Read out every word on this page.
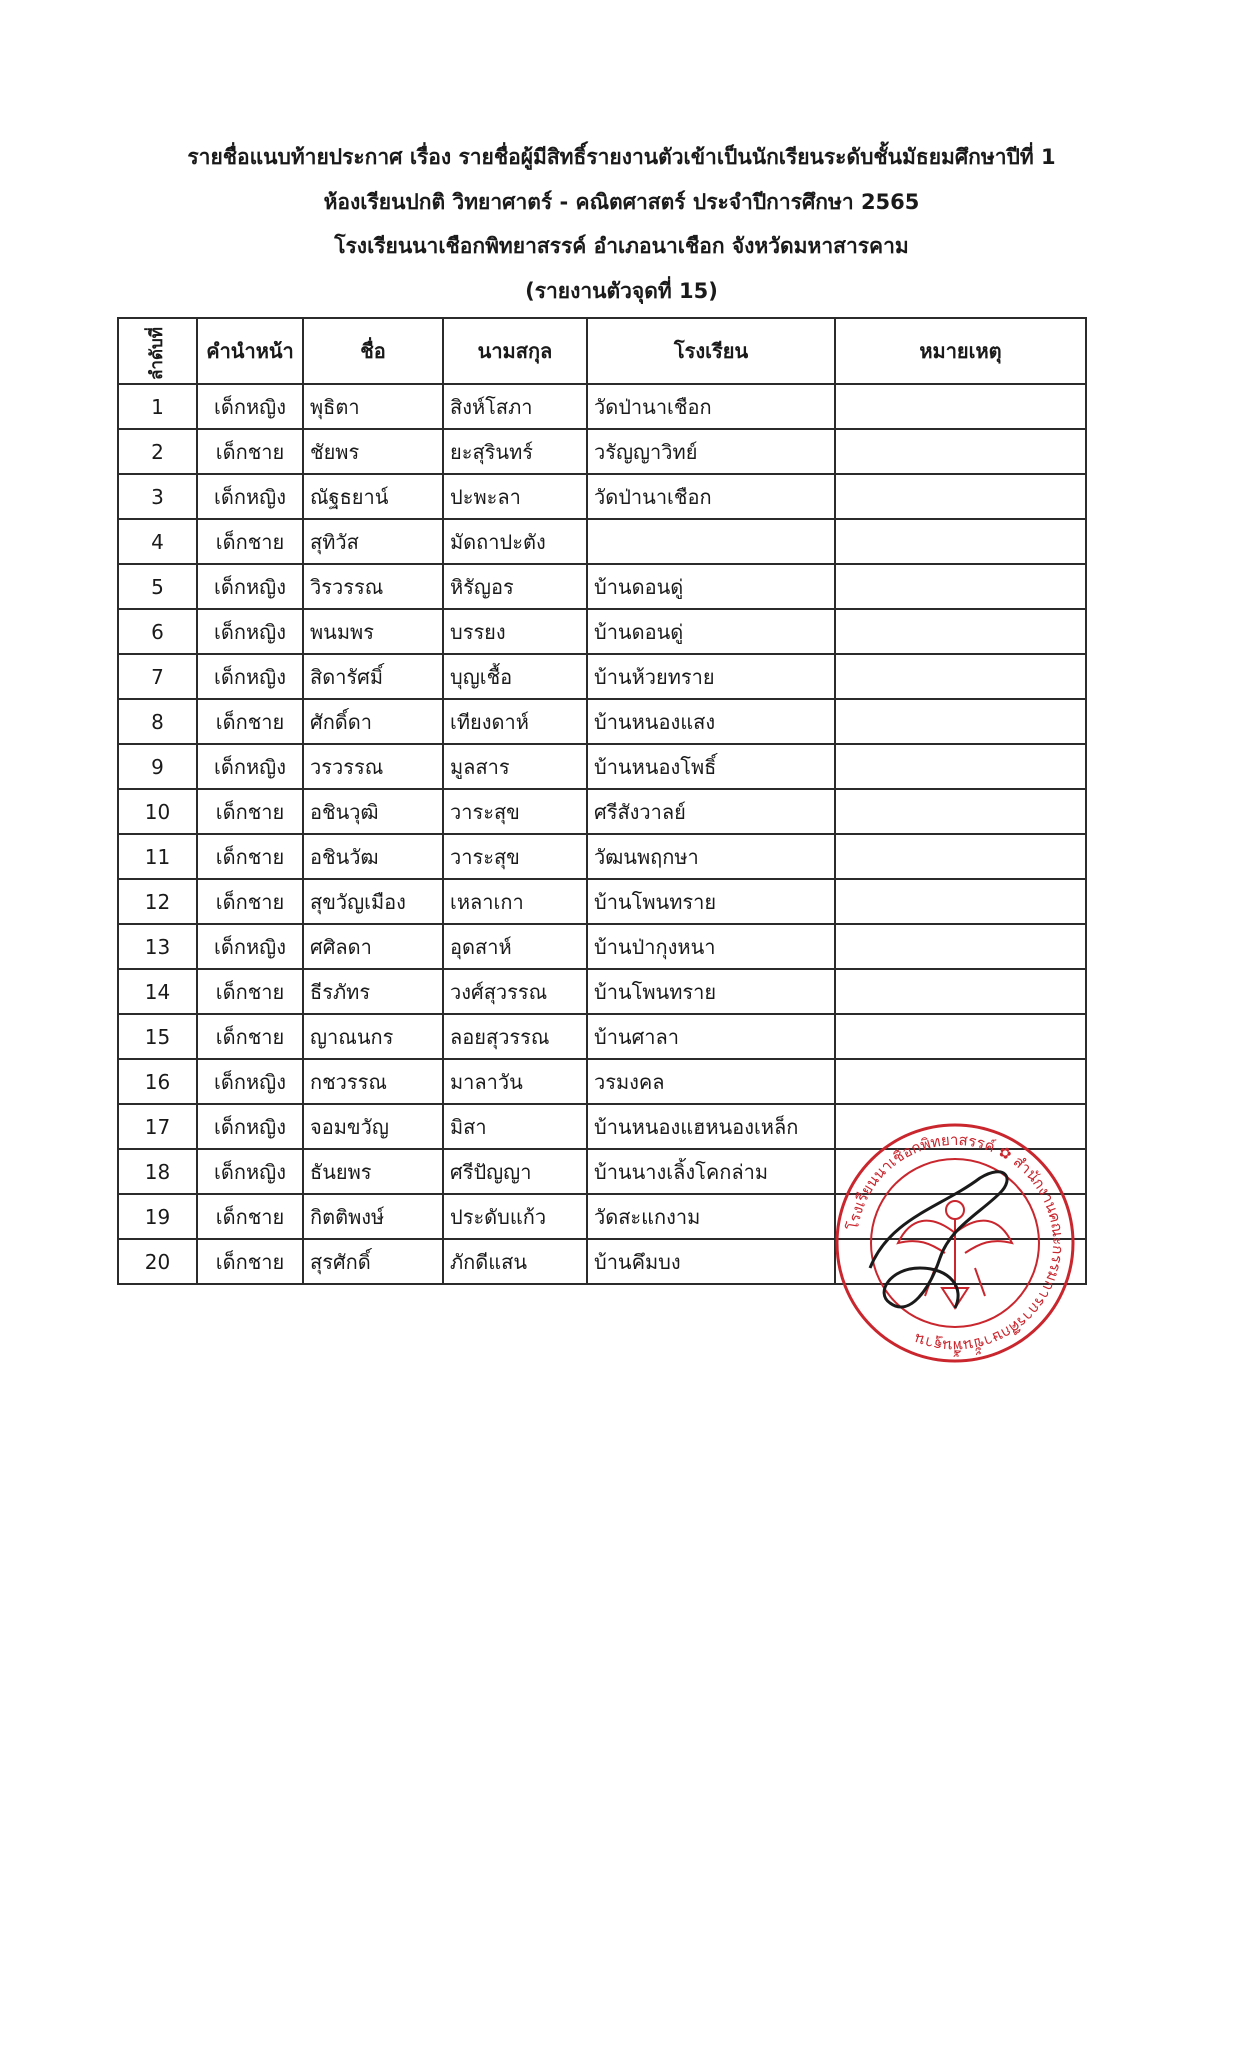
รายชื่อแนบท้ายประกาศ เรื่อง รายชื่อผู้มีสิทธิ์รายงานตัวเข้าเป็นนักเรียนระดับชั้นมัธยมศึกษาปีที่ 1
ห้องเรียนปกติ วิทยาศาตร์ - คณิตศาสตร์ ประจำปีการศึกษา 2565
โรงเรียนนาเชือกพิทยาสรรค์ อำเภอนาเชือก จังหวัดมหาสารคาม
(รายงานตัวจุดที่ 15)
ลำดับที่	คำนำหน้า	ชื่อ	นามสกุล	โรงเรียน	หมายเหตุ
1	เด็กหญิง	พุธิตา	สิงห์โสภา	วัดป่านาเชือก	
2	เด็กชาย	ชัยพร	ยะสุรินทร์	วรัญญาวิทย์	
3	เด็กหญิง	ณัฐธยาน์	ปะพะลา	วัดป่านาเชือก	
4	เด็กชาย	สุทิวัส	มัดถาปะตัง		
5	เด็กหญิง	วิรวรรณ	หิรัญอร	บ้านดอนดู่	
6	เด็กหญิง	พนมพร	บรรยง	บ้านดอนดู่	
7	เด็กหญิง	สิดารัศมิ์	บุญเชื้อ	บ้านห้วยทราย	
8	เด็กชาย	ศักดิ์ดา	เทียงดาห์	บ้านหนองแสง	
9	เด็กหญิง	วรวรรณ	มูลสาร	บ้านหนองโพธิ์	
10	เด็กชาย	อชินวุฒิ	วาระสุข	ศรีสังวาลย์	
11	เด็กชาย	อชินวัฒ	วาระสุข	วัฒนพฤกษา	
12	เด็กชาย	สุขวัญเมือง	เหลาเกา	บ้านโพนทราย	
13	เด็กหญิง	ศศิลดา	อุดสาห์	บ้านป่ากุงหนา	
14	เด็กชาย	ธีรภัทร	วงศ์สุวรรณ	บ้านโพนทราย	
15	เด็กชาย	ญาณนกร	ลอยสุวรรณ	บ้านศาลา	
16	เด็กหญิง	กชวรรณ	มาลาวัน	วรมงคล	
17	เด็กหญิง	จอมขวัญ	มิสา	บ้านหนองแฮหนองเหล็ก	
18	เด็กหญิง	ธันยพร	ศรีปัญญา	บ้านนางเลิ้งโคกล่าม	
19	เด็กชาย	กิตติพงษ์	ประดับแก้ว	วัดสะแกงาม	
20	เด็กชาย	สุรศักดิ์	ภักดีแสน	บ้านคึมบง	
โรงเรียนนาเชือกพิทยาสรรค์ ✿ สำนักงานคณะกรรมการการศึกษาขั้นพื้นฐาน
